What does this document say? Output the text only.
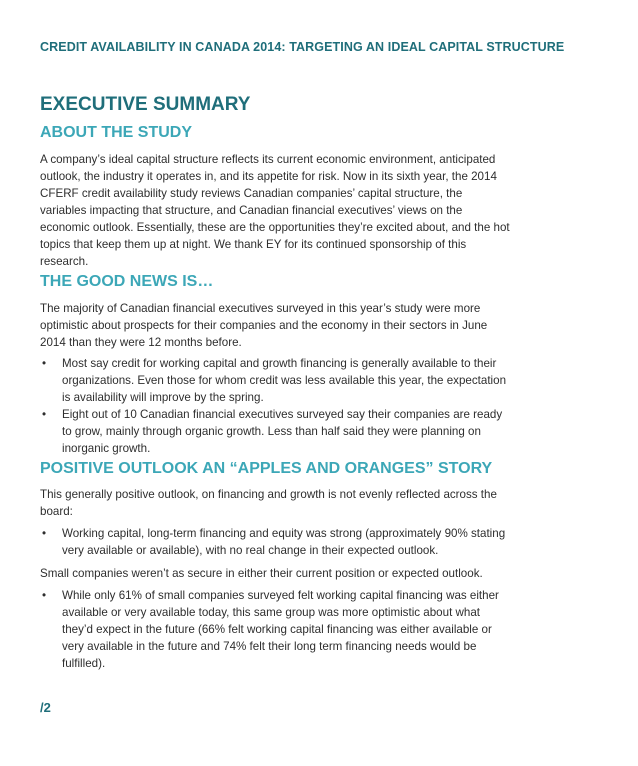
CREDIT AVAILABILITY IN CANADA 2014: TARGETING AN IDEAL CAPITAL STRUCTURE
EXECUTIVE SUMMARY
ABOUT THE STUDY

A company’s ideal capital structure reflects its current economic environment, anticipated outlook, the industry it operates in, and its appetite for risk. Now in its sixth year, the 2014 CFERF credit availability study reviews Canadian companies’ capital structure, the variables impacting that structure, and Canadian financial executives’ views on the economic outlook. Essentially, these are the opportunities they’re excited about, and the hot topics that keep them up at night. We thank EY for its continued sponsorship of this research.

THE GOOD NEWS IS…

The majority of Canadian financial executives surveyed in this year’s study were more optimistic about prospects for their companies and the economy in their sectors in June 2014 than they were 12 months before.

• Most say credit for working capital and growth financing is generally available to their organizations. Even those for whom credit was less available this year, the expectation is availability will improve by the spring.
• Eight out of 10 Canadian financial executives surveyed say their companies are ready to grow, mainly through organic growth. Less than half said they were planning on inorganic growth.
POSITIVE OUTLOOK AN “APPLES AND ORANGES” STORY

This generally positive outlook, on financing and growth is not evenly reflected across the board:

• Working capital, long-term financing and equity was strong (approximately 90% stating very available or available), with no real change in their expected outlook.

Small companies weren’t as secure in either their current position or expected outlook.

• While only 61% of small companies surveyed felt working capital financing was either available or very available today, this same group was more optimistic about what they’d expect in the future (66% felt working capital financing was either available or very available in the future and 74% felt their long term financing needs would be fulfilled).
/2
